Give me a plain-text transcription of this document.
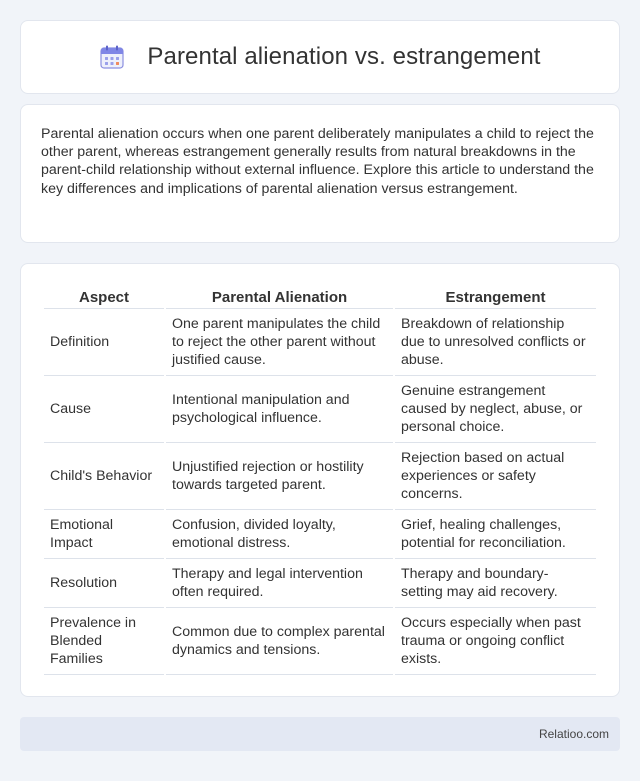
Parental alienation vs. estrangement

Parental alienation occurs when one parent deliberately manipulates a child to reject the other parent, whereas estrangement generally results from natural breakdowns in the parent-child relationship without external influence. Explore this article to understand the key differences and implications of parental alienation versus estrangement.

Aspect	Parental Alienation	Estrangement
Definition	One parent manipulates the child to reject the other parent without justified cause.	Breakdown of relationship due to unresolved conflicts or abuse.
Cause	Intentional manipulation and psychological influence.	Genuine estrangement caused by neglect, abuse, or personal choice.
Child's Behavior	Unjustified rejection or hostility towards targeted parent.	Rejection based on actual experiences or safety concerns.
Emotional Impact	Confusion, divided loyalty, emotional distress.	Grief, healing challenges, potential for reconciliation.
Resolution	Therapy and legal intervention often required.	Therapy and boundary-setting may aid recovery.
Prevalence in Blended Families	Common due to complex parental dynamics and tensions.	Occurs especially when past trauma or ongoing conflict exists.
Relatioo.com
